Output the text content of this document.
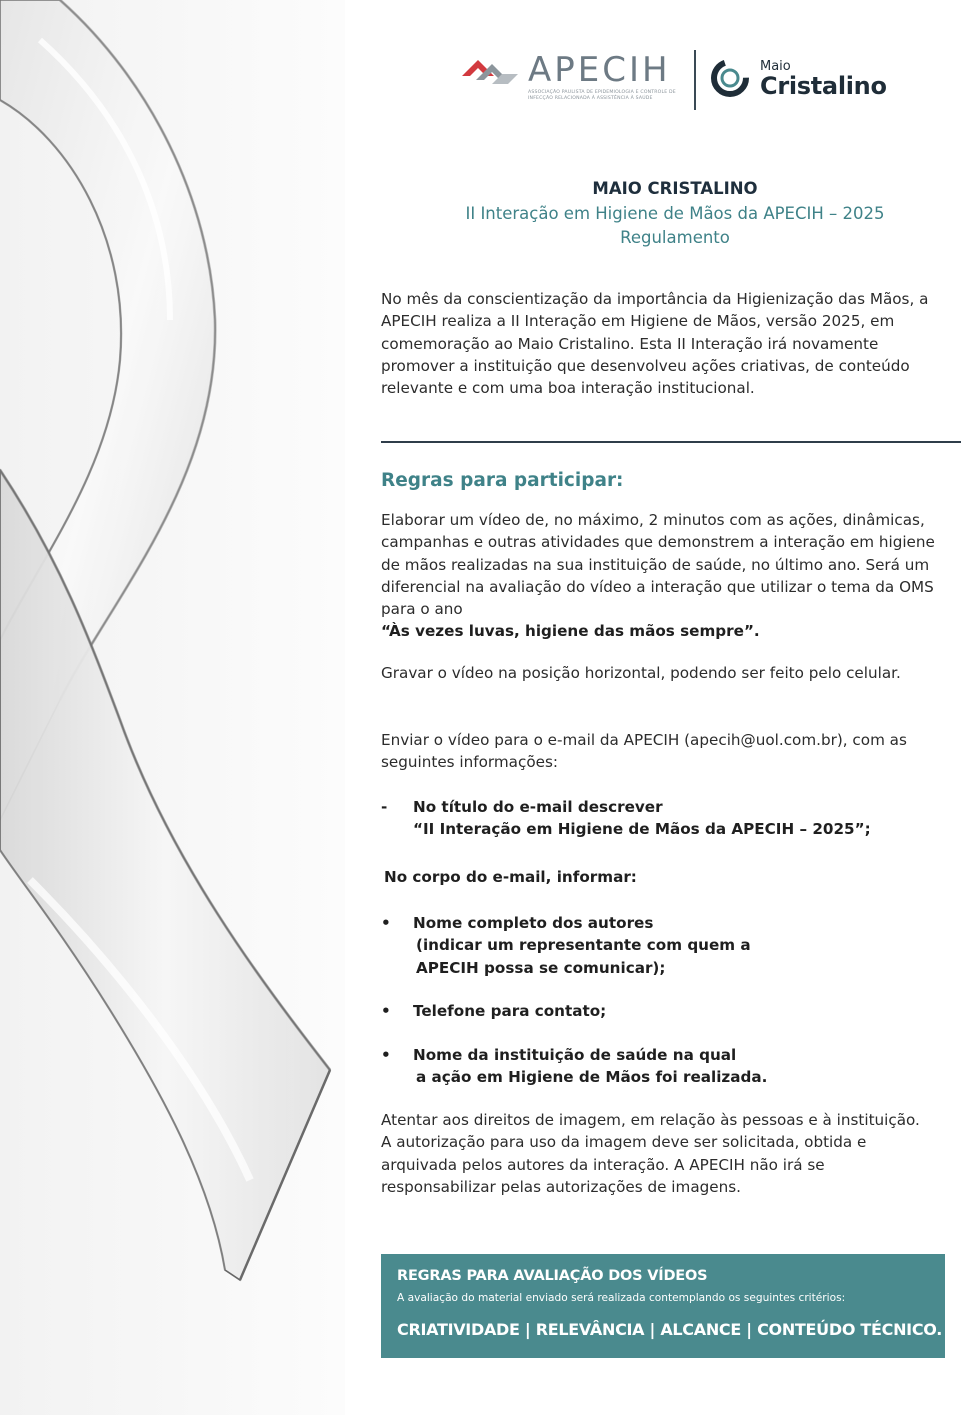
APECIH
ASSOCIAÇÃO PAULISTA DE EPIDEMIOLOGIA E CONTROLE DE INFECÇÃO RELACIONADA À ASSISTÊNCIA À SAÚDE
Maio
Cristalino

MAIO CRISTALINO

II Interação em Higiene de Mãos da APECIH – 2025

Regulamento

No mês da conscientização da importância da Higienização das Mãos, a APECIH realiza a II Interação em Higiene de Mãos, versão 2025, em comemoração ao Maio Cristalino. Esta II Interação irá novamente promover a instituição que desenvolveu ações criativas, de conteúdo relevante e com uma boa interação institucional.

Regras para participar:

Elaborar um vídeo de, no máximo, 2 minutos com as ações, dinâmicas, campanhas e outras atividades que demonstrem a interação em higiene de mãos realizadas na sua instituição de saúde, no último ano. Será um diferencial na avaliação do vídeo a interação que utilizar o tema da OMS para o ano
“Às vezes luvas, higiene das mãos sempre”.

Gravar o vídeo na posição horizontal, podendo ser feito pelo celular.

Enviar o vídeo para o e-mail da APECIH (apecih@uol.com.br), com as seguintes informações:

-	No título do e-mail descrever
“II Interação em Higiene de Mãos da APECIH – 2025”;

No corpo do e-mail, informar:

•	Nome completo dos autores
(indicar um representante com quem a
APECIH possa se comunicar);
•	Telefone para contato;
•	Nome da instituição de saúde na qual
a ação em Higiene de Mãos foi realizada.

Atentar aos direitos de imagem, em relação às pessoas e à instituição. A autorização para uso da imagem deve ser solicitada, obtida e arquivada pelos autores da interação. A APECIH não irá se responsabilizar pelas autorizações de imagens.

REGRAS PARA AVALIAÇÃO DOS VÍDEOS

A avaliação do material enviado será realizada contemplando os seguintes critérios:

CRIATIVIDADE | RELEVÂNCIA | ALCANCE | CONTEÚDO TÉCNICO.
